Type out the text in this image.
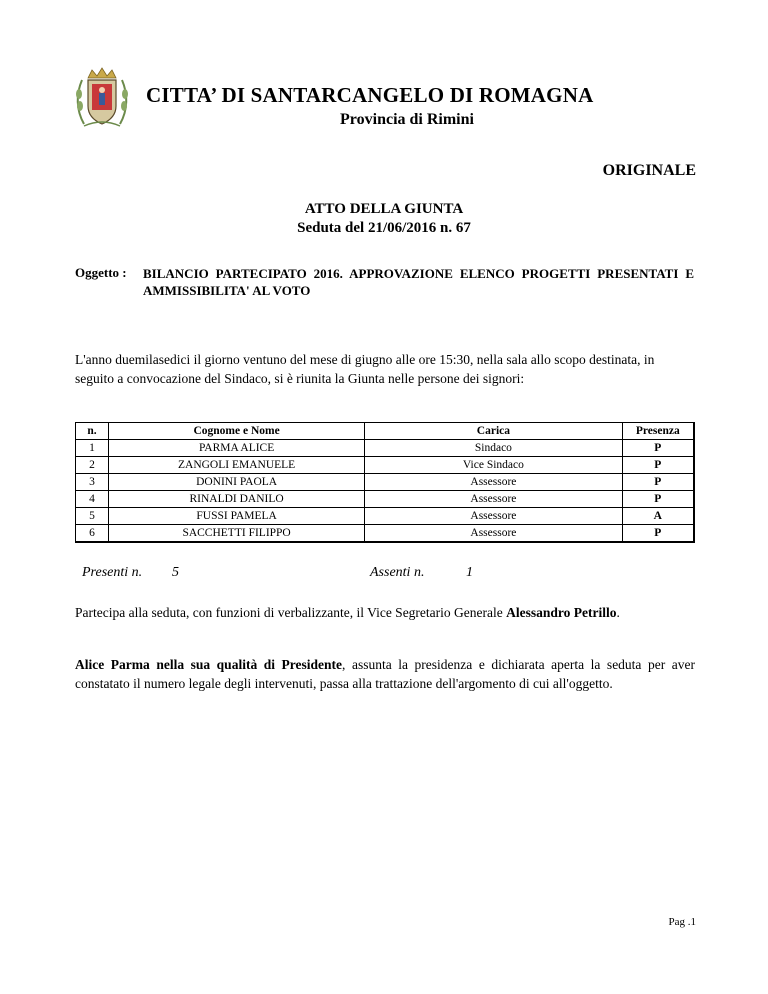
CITTA’ DI SANTARCANGELO DI ROMAGNA
Provincia di Rimini
ORIGINALE
ATTO DELLA GIUNTA
Seduta del 21/06/2016 n. 67
Oggetto : BILANCIO PARTECIPATO 2016. APPROVAZIONE ELENCO PROGETTI PRESENTATI E AMMISSIBILITA' AL VOTO
L'anno duemilasedici il giorno ventuno del mese di giugno alle ore 15:30, nella sala allo scopo destinata, in seguito a convocazione del Sindaco, si è riunita la Giunta nelle persone dei signori:
n.	Cognome e Nome	Carica	Presenza
1	PARMA ALICE	Sindaco	P
2	ZANGOLI EMANUELE	Vice Sindaco	P
3	DONINI PAOLA	Assessore	P
4	RINALDI DANILO	Assessore	P
5	FUSSI PAMELA	Assessore	A
6	SACCHETTI FILIPPO	Assessore	P
Presenti n. 5	Assenti n.	1
Partecipa alla seduta, con funzioni di verbalizzante, il Vice Segretario Generale Alessandro Petrillo.
Alice Parma nella sua qualità di Presidente, assunta la presidenza e dichiarata aperta la seduta per aver constatato il numero legale degli intervenuti, passa alla trattazione dell'argomento di cui all'oggetto.
Pag .1
